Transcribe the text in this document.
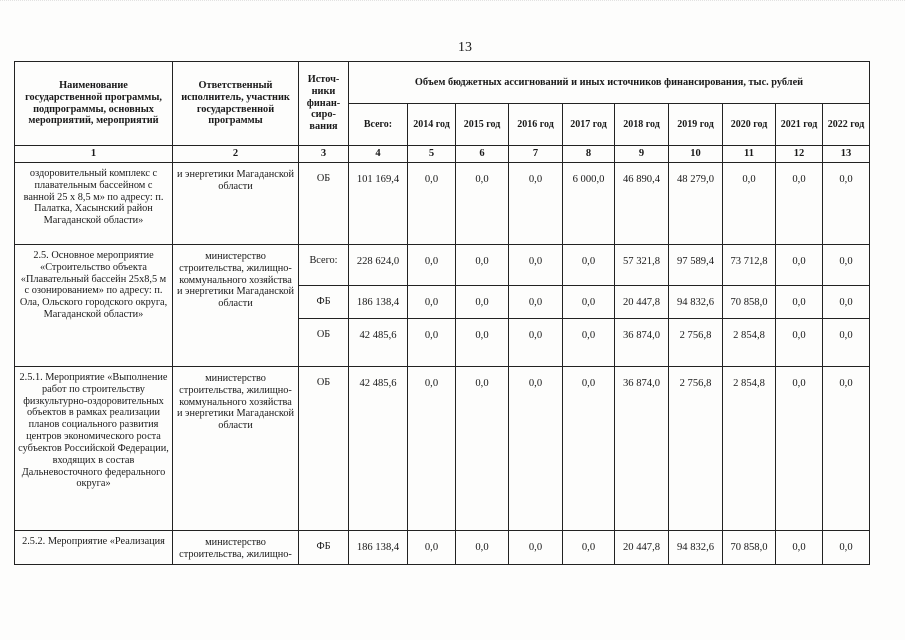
13
Наименование государственной программы, подпрограммы, основных мероприятий, мероприятий	Ответственный исполнитель, участник государственной программы	Источ-ники финан-сиро-вания	Объем бюджетных ассигнований и иных источников финансирования, тыс. рублей									
			Всего:	2014 год	2015 год	2016 год	2017 год	2018 год	2019 год	2020 год	2021 год	2022 год
1	2	3	4	5	6	7	8	9	10	11	12	13
оздоровительный комплекс с плавательным бассейном с ванной 25 х 8,5 м» по адресу: п. Палатка, Хасынский район Магаданской области»	и энергетики Магаданской области	ОБ	101 169,4	0,0	0,0	0,0	6 000,0	46 890,4	48 279,0	0,0	0,0	0,0
2.5. Основное мероприятие «Строительство объекта «Плавательный бассейн 25х8,5 м с озонированием» по адресу: п. Ола, Ольского городского округа, Магаданской области»	министерство строительства, жилищно-коммунального хозяйства и энергетики Магаданской области	Всего:	228 624,0	0,0	0,0	0,0	0,0	57 321,8	97 589,4	73 712,8	0,0	0,0
		ФБ	186 138,4	0,0	0,0	0,0	0,0	20 447,8	94 832,6	70 858,0	0,0	0,0
		ОБ	42 485,6	0,0	0,0	0,0	0,0	36 874,0	2 756,8	2 854,8	0,0	0,0
2.5.1. Мероприятие «Выполнение работ по строительству физкультурно-оздоровительных объектов в рамках реализации планов социального развития центров экономического роста субъектов Российской Федерации, входящих в состав Дальневосточного федерального округа»	министерство строительства, жилищно-коммунального хозяйства и энергетики Магаданской области	ОБ	42 485,6	0,0	0,0	0,0	0,0	36 874,0	2 756,8	2 854,8	0,0	0,0
2.5.2. Мероприятие «Реализация	министерство строительства, жилищно-	ФБ	186 138,4	0,0	0,0	0,0	0,0	20 447,8	94 832,6	70 858,0	0,0	0,0
